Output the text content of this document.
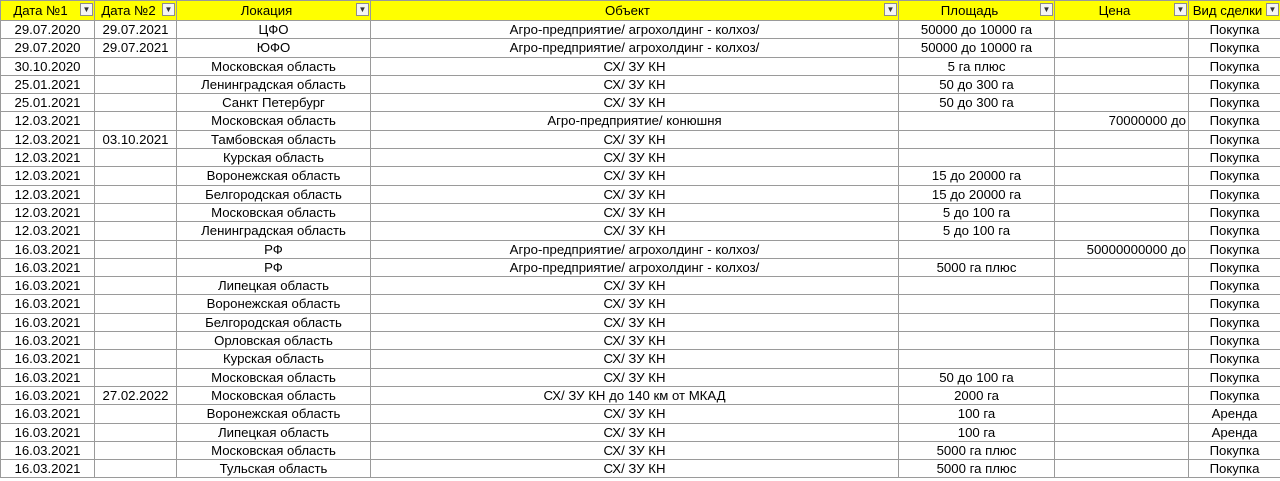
Дата №1 ▼	Дата №2 ▼	Локация ▼	Объект ▼	Площадь ▼	Цена ▼	Вид сделки ▼

29.07.2020	29.07.2021	ЦФО	Агро-предприятие/ агрохолдинг - колхоз/	50000 до 10000 га		Покупка
29.07.2020	29.07.2021	ЮФО	Агро-предприятие/ агрохолдинг - колхоз/	50000 до 10000 га		Покупка
30.10.2020		Московская область	СХ/ ЗУ КН	5 га плюс		Покупка
25.01.2021		Ленинградская область	СХ/ ЗУ КН	50 до 300 га		Покупка
25.01.2021		Санкт Петербург	СХ/ ЗУ КН	50 до 300 га		Покупка
12.03.2021		Московская область	Агро-предприятие/ конюшня		70000000 до	Покупка
12.03.2021	03.10.2021	Тамбовская область	СХ/ ЗУ КН			Покупка
12.03.2021		Курская область	СХ/ ЗУ КН			Покупка
12.03.2021		Воронежская область	СХ/ ЗУ КН	15 до 20000 га		Покупка
12.03.2021		Белгородская область	СХ/ ЗУ КН	15 до 20000 га		Покупка
12.03.2021		Московская область	СХ/ ЗУ КН	5 до 100 га		Покупка
12.03.2021		Ленинградская область	СХ/ ЗУ КН	5 до 100 га		Покупка
16.03.2021		РФ	Агро-предприятие/ агрохолдинг - колхоз/		50000000000 до	Покупка
16.03.2021		РФ	Агро-предприятие/ агрохолдинг - колхоз/	5000 га плюс		Покупка
16.03.2021		Липецкая область	СХ/ ЗУ КН			Покупка
16.03.2021		Воронежская область	СХ/ ЗУ КН			Покупка
16.03.2021		Белгородская область	СХ/ ЗУ КН			Покупка
16.03.2021		Орловская область	СХ/ ЗУ КН			Покупка
16.03.2021		Курская область	СХ/ ЗУ КН			Покупка
16.03.2021		Московская область	СХ/ ЗУ КН	50 до 100 га		Покупка
16.03.2021	27.02.2022	Московская область	СХ/ ЗУ КН до 140 км от МКАД	2000 га		Покупка
16.03.2021		Воронежская область	СХ/ ЗУ КН	100 га		Аренда
16.03.2021		Липецкая область	СХ/ ЗУ КН	100 га		Аренда
16.03.2021		Московская область	СХ/ ЗУ КН	5000 га плюс		Покупка
16.03.2021		Тульская область	СХ/ ЗУ КН	5000 га плюс		Покупка
